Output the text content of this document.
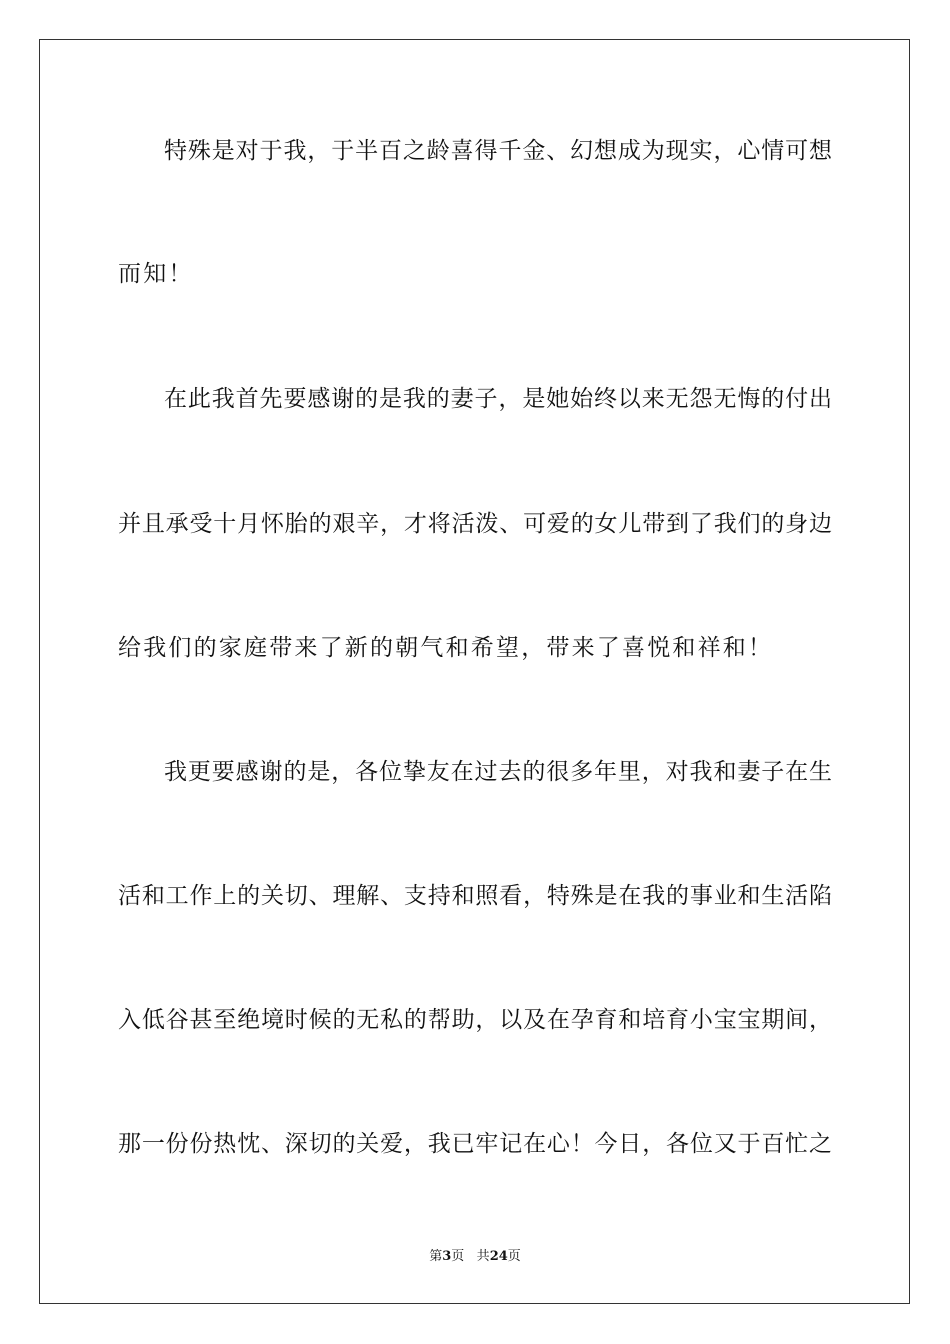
特殊是对于我，于半百之龄喜得千金、幻想成为现实，心情可想
而知！
在此我首先要感谢的是我的妻子，是她始终以来无怨无悔的付出
并且承受十月怀胎的艰辛，才将活泼、可爱的女儿带到了我们的身边
给我们的家庭带来了新的朝气和希望，带来了喜悦和祥和！
我更要感谢的是，各位挚友在过去的很多年里，对我和妻子在生
活和工作上的关切、理解、支持和照看，特殊是在我的事业和生活陷
入低谷甚至绝境时候的无私的帮助，以及在孕育和培育小宝宝期间，
那一份份热忱、深切的关爱，我已牢记在心！今日，各位又于百忙之
第3页 共24页
